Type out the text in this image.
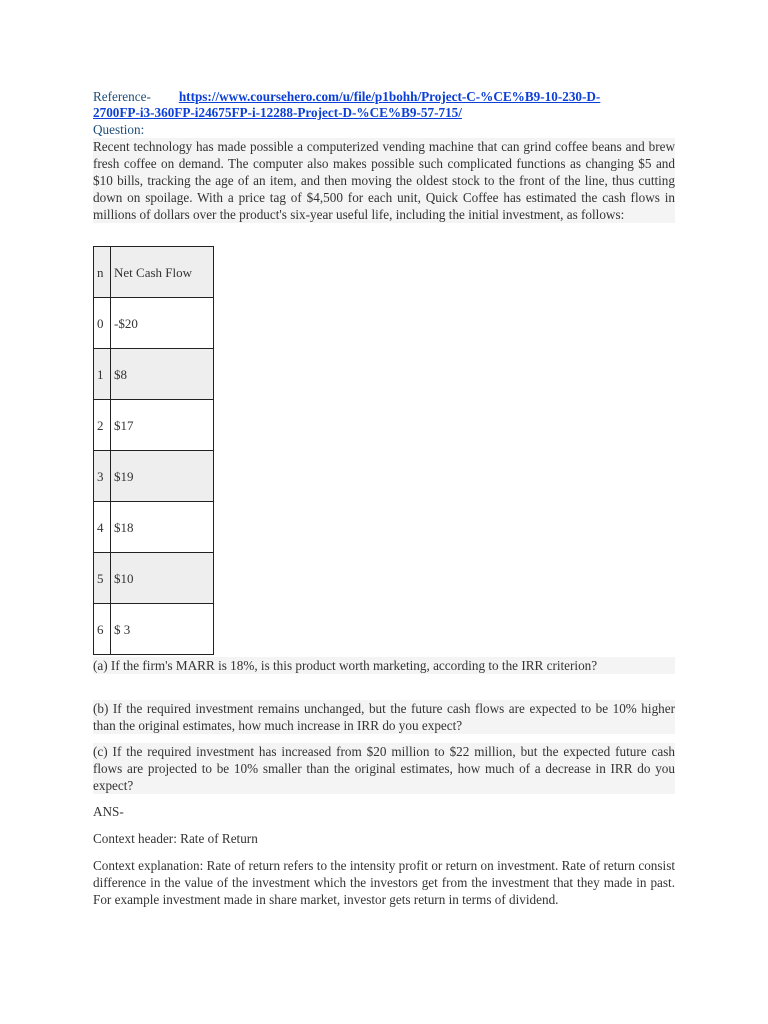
Reference- https://www.coursehero.com/u/file/p1bohh/Project-C-%CE%B9-10-230-D-
2700FP-i3-360FP-i24675FP-i-12288-Project-D-%CE%B9-57-715/
Question:
Recent technology has made possible a computerized vending machine that can grind coffee beans and brew fresh coffee on demand. The computer also makes possible such complicated functions as changing $5 and $10 bills, tracking the age of an item, and then moving the oldest stock to the front of the line, thus cutting down on spoilage. With a price tag of $4,500 for each unit, Quick Coffee has estimated the cash flows in millions of dollars over the product's six-year useful life, including the initial investment, as follows:
n	Net Cash Flow
0	-$20
1	$8
2	$17
3	$19
4	$18
5	$10
6	$ 3
(a) If the firm's MARR is 18%, is this product worth marketing, according to the IRR criterion?
(b) If the required investment remains unchanged, but the future cash flows are expected to be 10% higher than the original estimates, how much increase in IRR do you expect?
(c) If the required investment has increased from $20 million to $22 million, but the expected future cash flows are projected to be 10% smaller than the original estimates, how much of a decrease in IRR do you expect?
ANS-
Context header: Rate of Return
Context explanation: Rate of return refers to the intensity profit or return on investment. Rate of return consist difference in the value of the investment which the investors get from the investment that they made in past. For example investment made in share market, investor gets return in terms of dividend.
